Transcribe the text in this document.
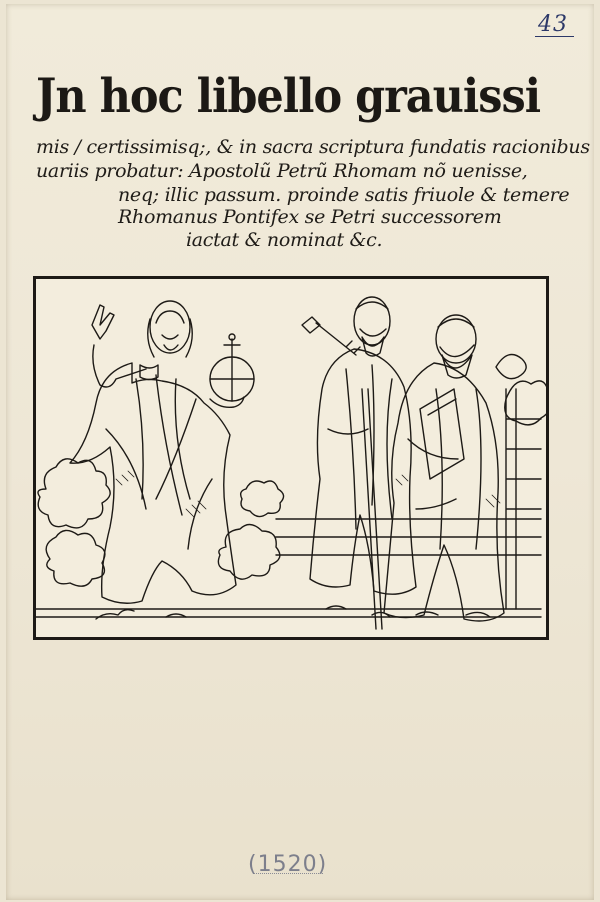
43
Jn hoc libello grauissi
mis / certissimisq;, & in sacra scriptura fundatis racionibus
uariis probatur: Apostolũ Petrũ Rhomam nõ uenisse,
neq; illic passum. proinde satis friuole & temere
Rhomanus Pontifex se Petri successorem
iactat & nominat &c.
(1520)
